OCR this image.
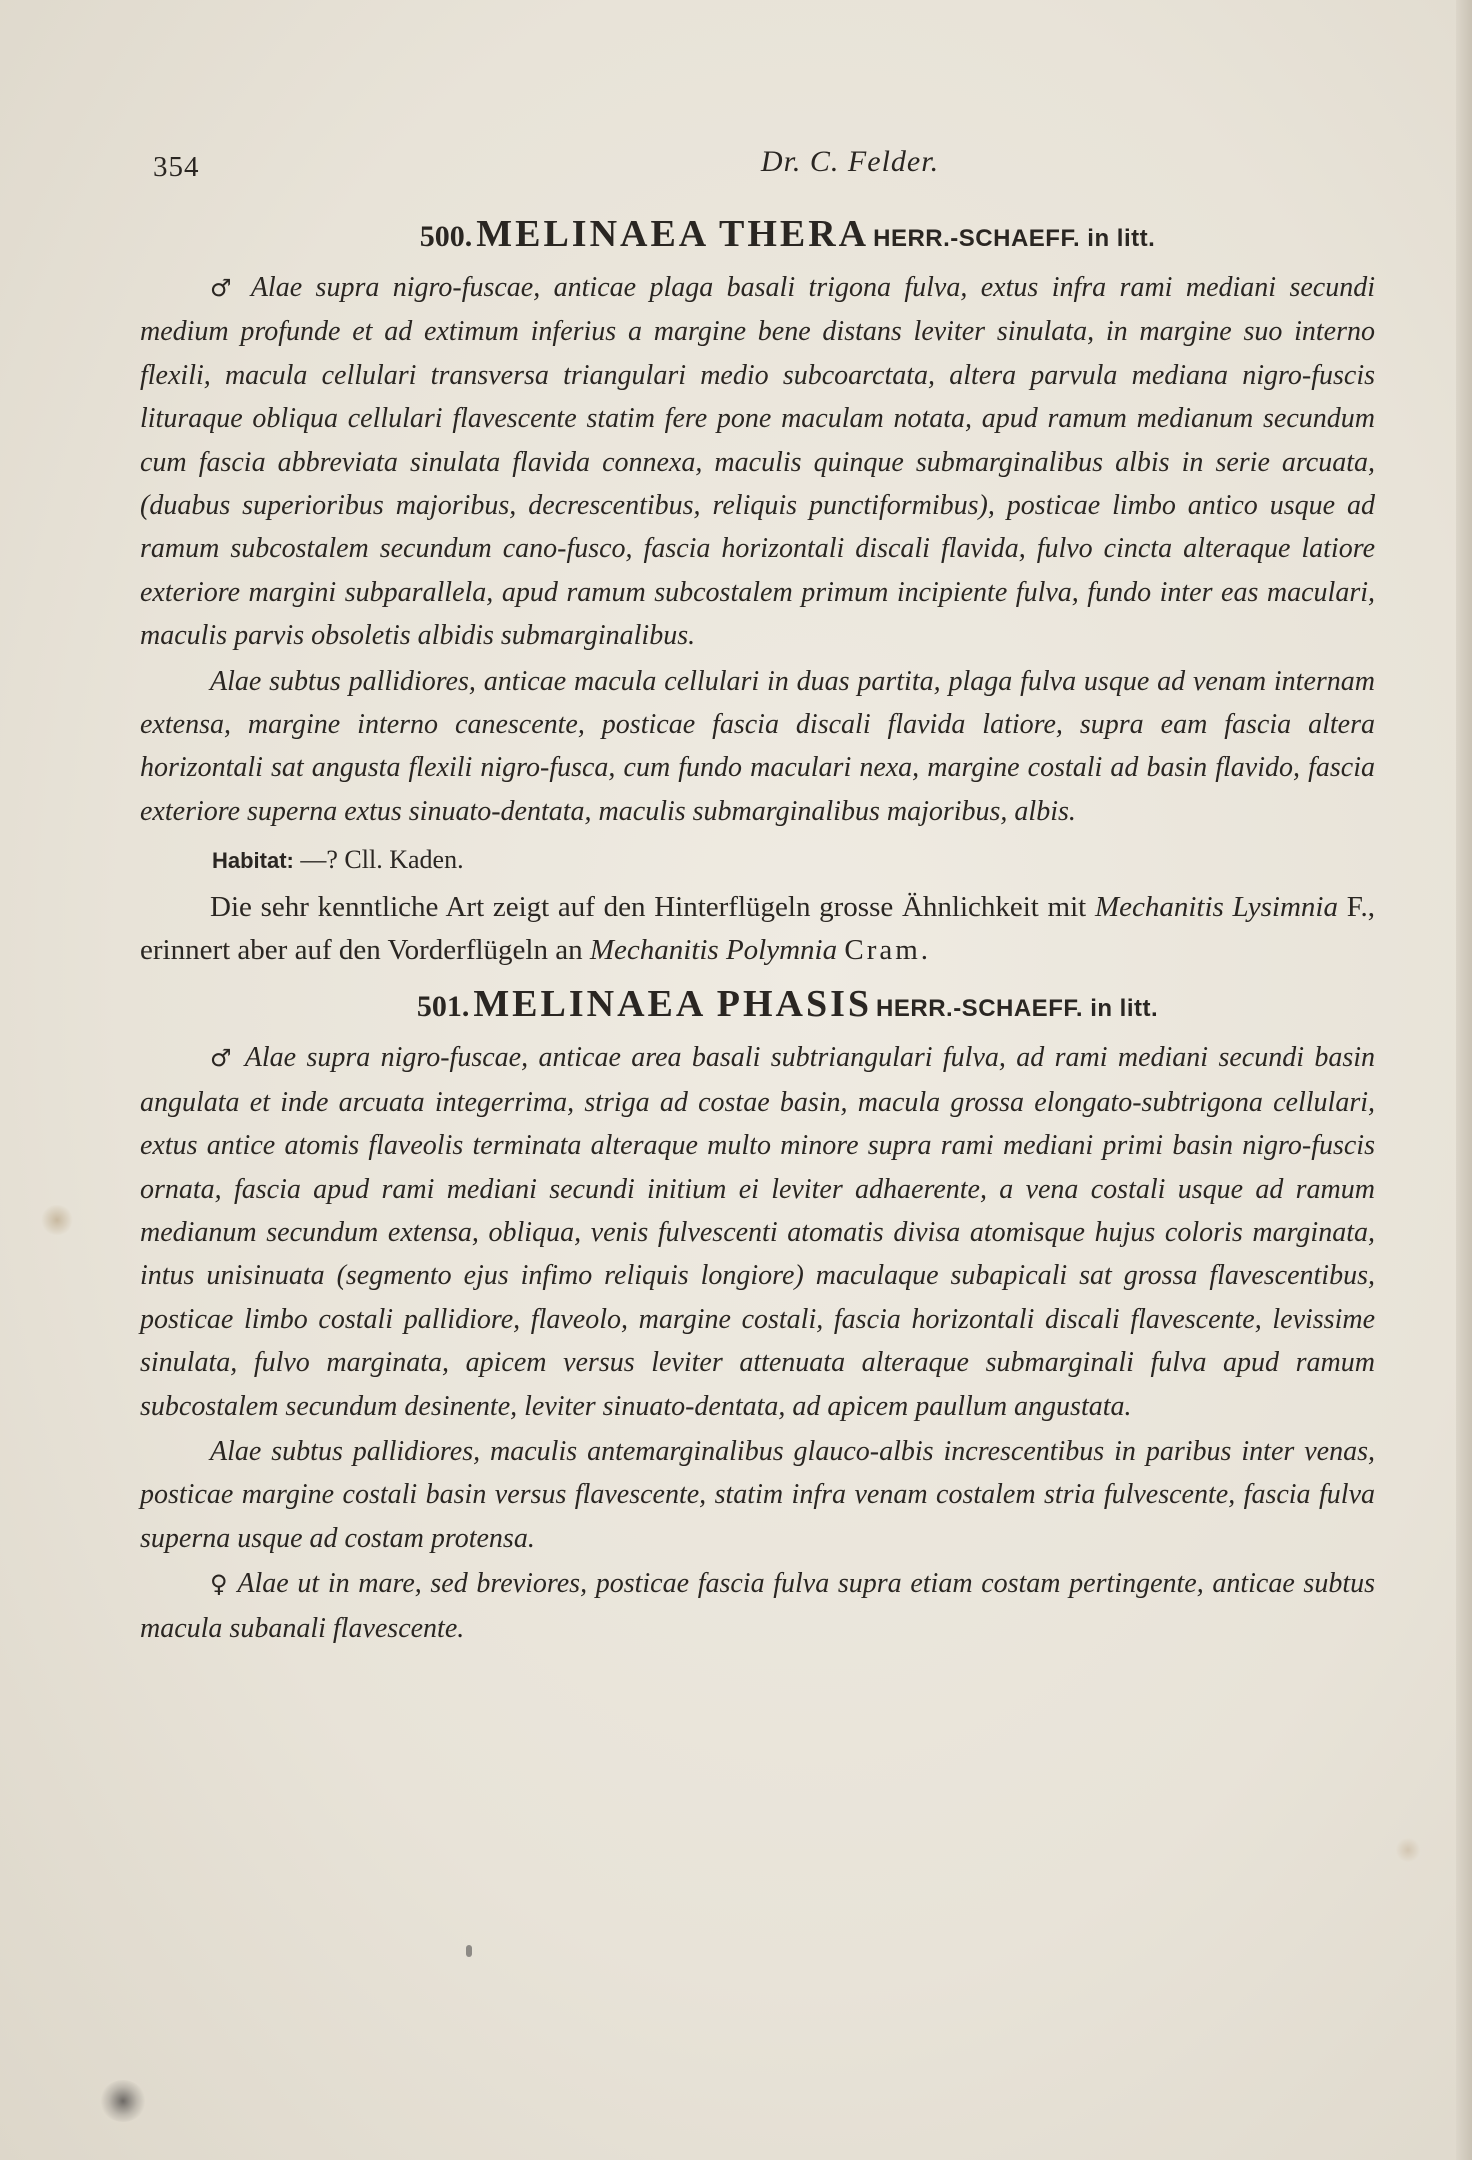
354	Dr. C. Felder.
500. MELINAEA THERA HERR.-SCHAEFF. in litt.

♂ Alae supra nigro-fuscae, anticae plaga basali trigona fulva, extus infra rami mediani secundi medium profunde et ad extimum inferius a margine bene distans leviter sinulata, in margine suo interno flexili, macula cellulari transversa triangulari medio subcoarctata, altera parvula mediana nigro-fuscis lituraque obliqua cellulari flavescente statim fere pone maculam notata, apud ramum medianum secundum cum fascia abbreviata sinulata flavida connexa, maculis quinque submarginalibus albis in serie arcuata, (duabus superioribus majoribus, decrescentibus, reliquis punctiformibus), posticae limbo antico usque ad ramum subcostalem secundum cano-fusco, fascia horizontali discali flavida, fulvo cincta alteraque latiore exteriore margini subparallela, apud ramum subcostalem primum incipiente fulva, fundo inter eas maculari, maculis parvis obsoletis albidis submarginalibus.

Alae subtus pallidiores, anticae macula cellulari in duas partita, plaga fulva usque ad venam internam extensa, margine interno canescente, posticae fascia discali flavida latiore, supra eam fascia altera horizontali sat angusta flexili nigro-fusca, cum fundo maculari nexa, margine costali ad basin flavido, fascia exteriore superna extus sinuato-dentata, maculis submarginalibus majoribus, albis.

Habitat: —? Cll. Kaden.

Die sehr kenntliche Art zeigt auf den Hinterflügeln grosse Ähnlichkeit mit Mechanitis Lysimnia F., erinnert aber auf den Vorderflügeln an Mechanitis Polymnia Cram.

501. MELINAEA PHASIS HERR.-SCHAEFF. in litt.

♂ Alae supra nigro-fuscae, anticae area basali subtriangulari fulva, ad rami mediani secundi basin angulata et inde arcuata integerrima, striga ad costae basin, macula grossa elongato-subtrigona cellulari, extus antice atomis flaveolis terminata alteraque multo minore supra rami mediani primi basin nigro-fuscis ornata, fascia apud rami mediani secundi initium ei leviter adhaerente, a vena costali usque ad ramum medianum secundum extensa, obliqua, venis fulvescenti atomatis divisa atomisque hujus coloris marginata, intus unisinuata (segmento ejus infimo reliquis longiore) maculaque subapicali sat grossa flavescentibus, posticae limbo costali pallidiore, flaveolo, margine costali, fascia horizontali discali flavescente, levissime sinulata, fulvo marginata, apicem versus leviter attenuata alteraque submarginali fulva apud ramum subcostalem secundum desinente, leviter sinuato-dentata, ad apicem paullum angustata.

Alae subtus pallidiores, maculis antemarginalibus glauco-albis increscentibus in paribus inter venas, posticae margine costali basin versus flavescente, statim infra venam costalem stria fulvescente, fascia fulva superna usque ad costam protensa.

♀ Alae ut in mare, sed breviores, posticae fascia fulva supra etiam costam pertingente, anticae subtus macula subanali flavescente.
